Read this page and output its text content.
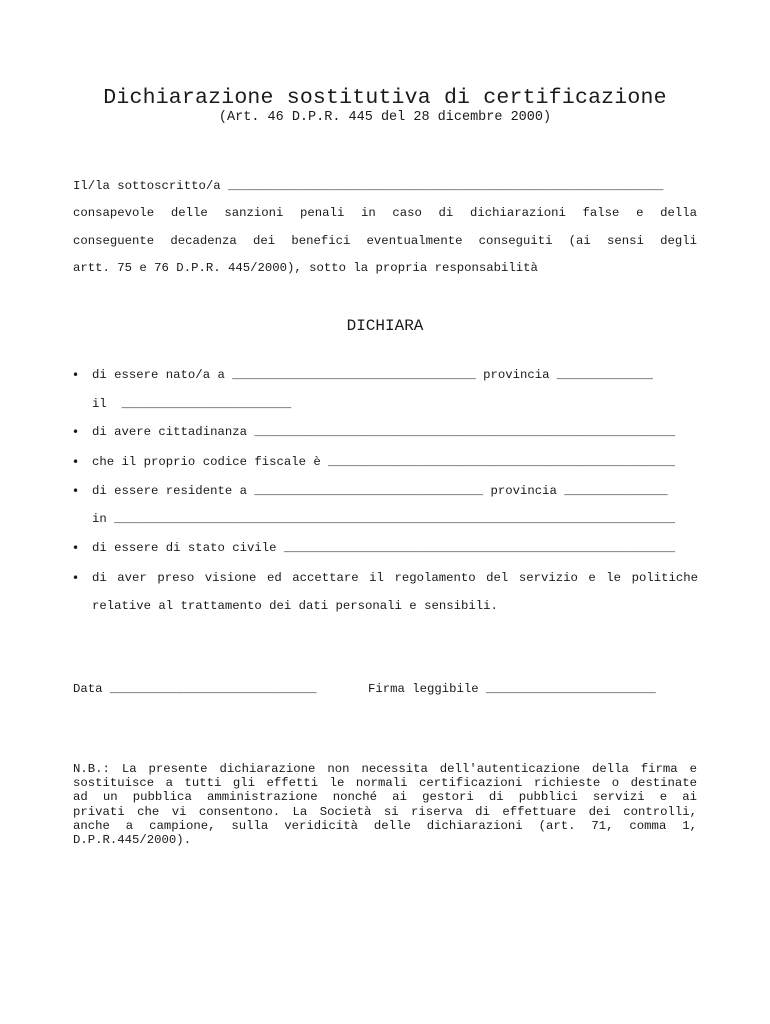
Dichiarazione sostitutiva di certificazione
(Art. 46 D.P.R. 445 del 28 dicembre 2000)
Il/la sottoscritto/a ___________________________________________________________
consapevole delle sanzioni penali in caso di dichiarazioni false e della
conseguente decadenza dei benefici eventualmente conseguiti (ai sensi degli
artt. 75 e 76 D.P.R. 445/2000), sotto la propria responsabilità
DICHIARA
• di essere nato/a a _________________________________ provincia _____________
il  _______________________
• di avere cittadinanza _________________________________________________________
• che il proprio codice fiscale è _______________________________________________
• di essere residente a _______________________________ provincia ______________
in ____________________________________________________________________________
• di essere di stato civile _____________________________________________________
• di aver preso visione ed accettare il regolamento del servizio e le politiche
relative al trattamento dei dati personali e sensibili.
Data ____________________________	Firma leggibile _______________________
N.B.: La presente dichiarazione non necessita dell'autenticazione della firma e
sostituisce a tutti gli effetti le normali certificazioni richieste o destinate
ad un pubblica amministrazione nonché ai gestori di pubblici servizi e ai
privati che vi consentono. La Società si riserva di effettuare dei controlli,
anche a campione, sulla veridicità delle dichiarazioni (art. 71, comma 1,
D.P.R.445/2000).
